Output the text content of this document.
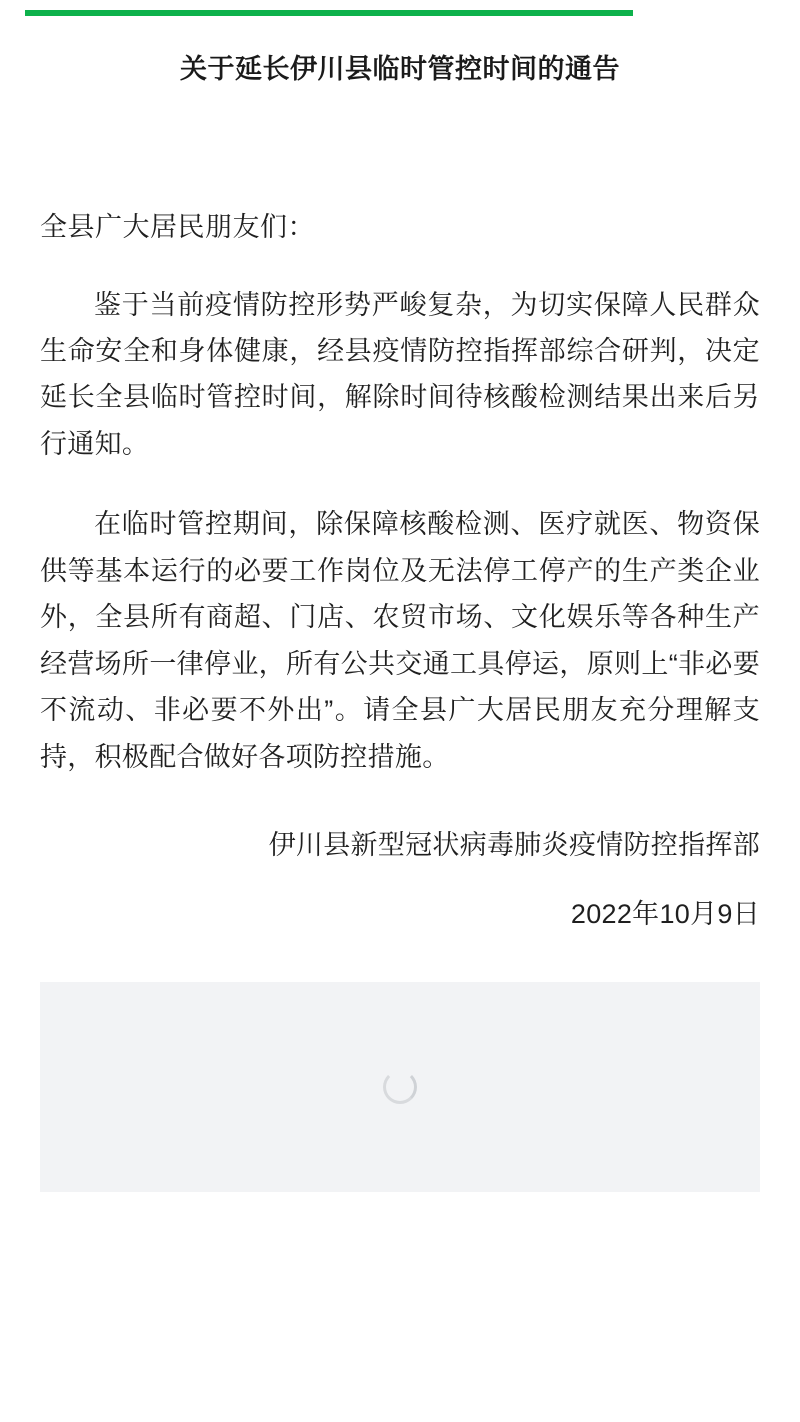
关于延长伊川县临时管控时间的通告

全县广大居民朋友们：

鉴于当前疫情防控形势严峻复杂，为切实保障人民群众生命安全和身体健康，经县疫情防控指挥部综合研判，决定延长全县临时管控时间，解除时间待核酸检测结果出来后另行通知。

在临时管控期间，除保障核酸检测、医疗就医、物资保供等基本运行的必要工作岗位及无法停工停产的生产类企业外，全县所有商超、门店、农贸市场、文化娱乐等各种生产经营场所一律停业，所有公共交通工具停运，原则上“非必要不流动、非必要不外出”。请全县广大居民朋友充分理解支持，积极配合做好各项防控措施。

伊川县新型冠状病毒肺炎疫情防控指挥部

2022年10月9日
